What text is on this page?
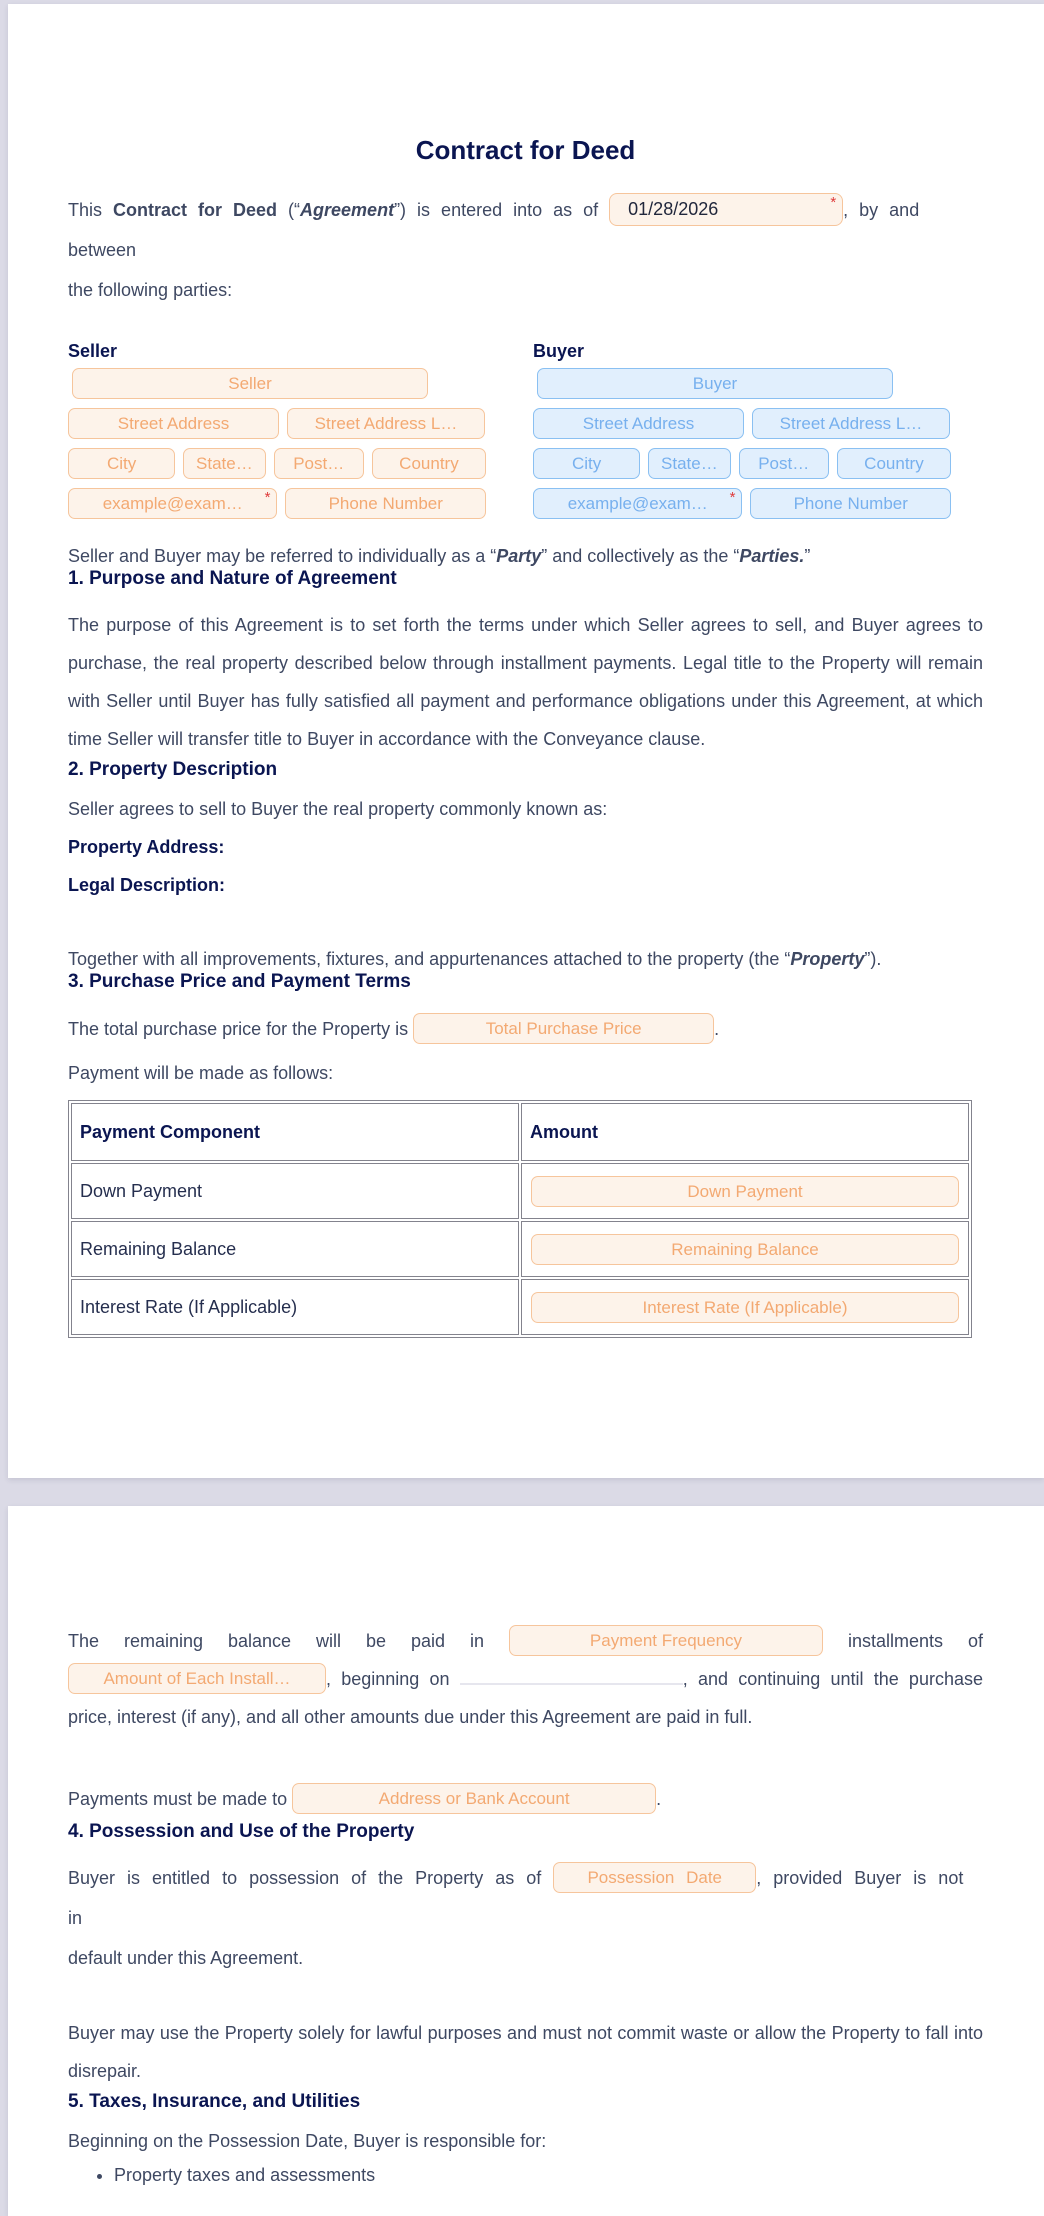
Contract for Deed

This Contract for Deed (“Agreement”) is entered into as of 01/28/2026	* , by and between
the following parties:

Seller
Seller
Street Address	Street Address L…
City	State…	Post…	Country
example@exam… *	Phone Number
Buyer
Buyer
Street Address	Street Address L…
City	State…	Post…	Country
example@exam… *	Phone Number

Seller and Buyer may be referred to individually as a “Party” and collectively as the “Parties.”

1. Purpose and Nature of Agreement

The purpose of this Agreement is to set forth the terms under which Seller agrees to sell, and Buyer agrees to purchase, the real property described below through installment payments. Legal title to the Property will remain with Seller until Buyer has fully satisfied all payment and performance obligations under this Agreement, at which time Seller will transfer title to Buyer in accordance with the Conveyance clause.

2. Property Description

Seller agrees to sell to Buyer the real property commonly known as:

Property Address:

Legal Description:

Together with all improvements, fixtures, and appurtenances attached to the property (the “Property”).

3. Purchase Price and Payment Terms

The total purchase price for the Property is	Total Purchase Price	.

Payment will be made as follows:

Payment Component	Amount
Down Payment	Down Payment

Remaining Balance	Remaining Balance

Interest Rate (If Applicable)	Interest Rate (If Applicable)

The remaining balance will be paid in	Payment Frequency	installments of Amount of Each Install… , beginning on	, and continuing until the purchase price, interest (if any), and all other amounts due under this Agreement are paid in full.

Payments must be made to	Address or Bank Account	.

4. Possession and Use of the Property

Buyer is entitled to possession of the Property as of Possession Date , provided Buyer is not in
default under this Agreement.

Buyer may use the Property solely for lawful purposes and must not commit waste or allow the Property to fall into disrepair.

5. Taxes, Insurance, and Utilities

Beginning on the Possession Date, Buyer is responsible for:

• Property taxes and assessments
